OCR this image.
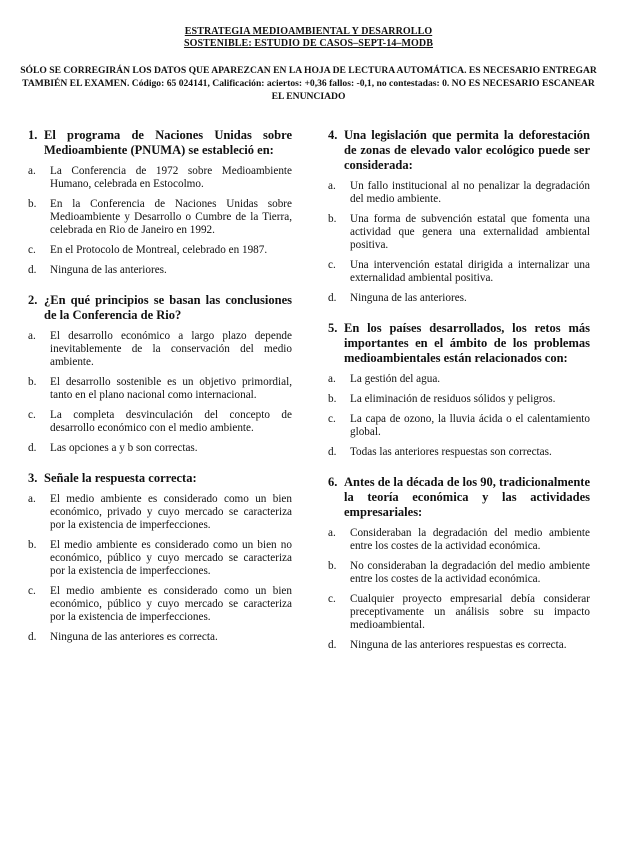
ESTRATEGIA MEDIOAMBIENTAL Y DESARROLLO
SOSTENIBLE: ESTUDIO DE CASOS–SEPT-14–MODB
SÓLO SE CORREGIRÁN LOS DATOS QUE APAREZCAN EN LA HOJA DE LECTURA AUTOMÁTICA. ES NECESARIO ENTREGAR TAMBIÉN EL EXAMEN. Código: 65 024141, Calificación: aciertos: +0,36 fallos: -0,1, no contestadas: 0. NO ES NECESARIO ESCANEAR EL ENUNCIADO
1. El programa de Naciones Unidas sobre Medioambiente (PNUMA) se estableció en:
a.	La Conferencia de 1972 sobre Medioambiente Humano, celebrada en Estocolmo.
b.	En la Conferencia de Naciones Unidas sobre Medioambiente y Desarrollo o Cumbre de la Tierra, celebrada en Rio de Janeiro en 1992.
c.	En el Protocolo de Montreal, celebrado en 1987.
d.	Ninguna de las anteriores.
2. ¿En qué principios se basan las conclusiones de la Conferencia de Rio?
a.	El desarrollo económico a largo plazo depende inevitablemente de la conservación del medio ambiente.
b.	El desarrollo sostenible es un objetivo primordial, tanto en el plano nacional como internacional.
c.	La completa desvinculación del concepto de desarrollo económico con el medio ambiente.
d.	Las opciones a y b son correctas.
3. Señale la respuesta correcta:
a.	El medio ambiente es considerado como un bien económico, privado y cuyo mercado se caracteriza por la existencia de imperfecciones.
b.	El medio ambiente es considerado como un bien no económico, público y cuyo mercado se caracteriza por la existencia de imperfecciones.
c.	El medio ambiente es considerado como un bien económico, público y cuyo mercado se caracteriza por la existencia de imperfecciones.
d.	Ninguna de las anteriores es correcta.
4. Una legislación que permita la deforestación de zonas de elevado valor ecológico puede ser considerada:
a.	Un fallo institucional al no penalizar la degradación del medio ambiente.
b.	Una forma de subvención estatal que fomenta una actividad que genera una externalidad ambiental positiva.
c.	Una intervención estatal dirigida a internalizar una externalidad ambiental positiva.
d.	Ninguna de las anteriores.
5. En los países desarrollados, los retos más importantes en el ámbito de los problemas medioambientales están relacionados con:
a.	La gestión del agua.
b.	La eliminación de residuos sólidos y peligros.
c.	La capa de ozono, la lluvia ácida o el calentamiento global.
d.	Todas las anteriores respuestas son correctas.
6. Antes de la década de los 90, tradicionalmente la teoría económica y las actividades empresariales:
a.	Consideraban la degradación del medio ambiente entre los costes de la actividad económica.
b.	No consideraban la degradación del medio ambiente entre los costes de la actividad económica.
c.	Cualquier proyecto empresarial debía considerar preceptivamente un análisis sobre su impacto medioambiental.
d.	Ninguna de las anteriores respuestas es correcta.
